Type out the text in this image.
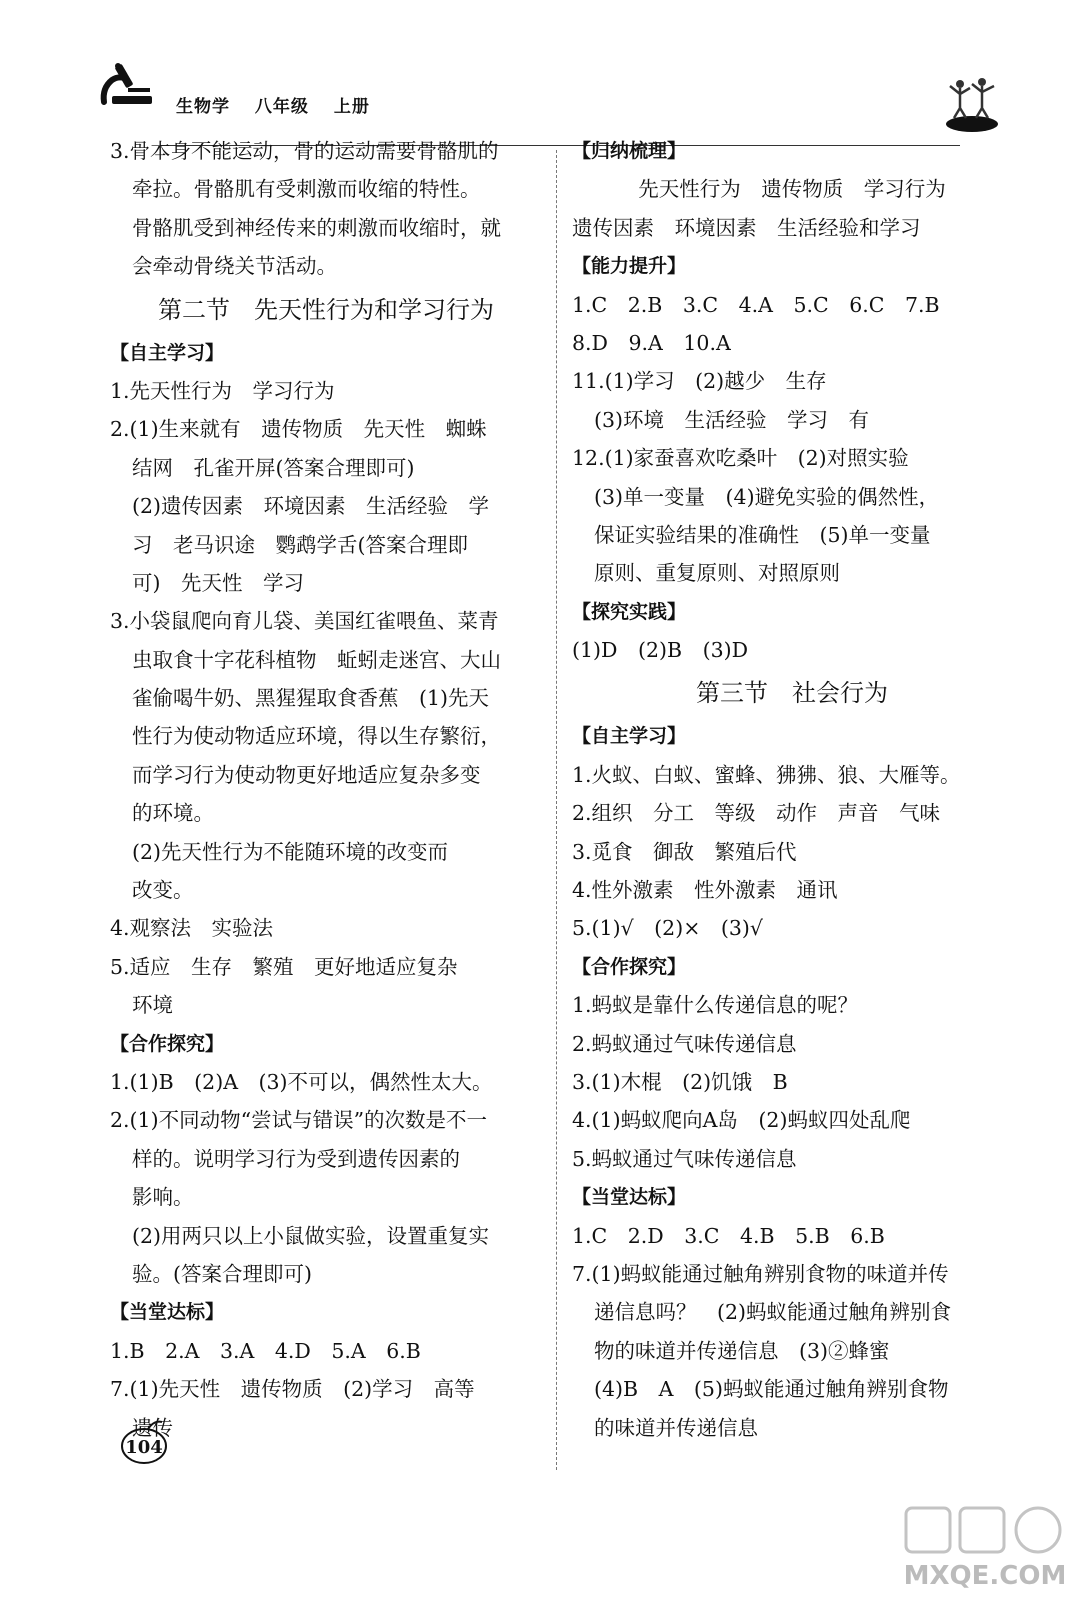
生物学 八年级 上册
3.骨本身不能运动，骨的运动需要骨骼肌的
牵拉。骨骼肌有受刺激而收缩的特性。
骨骼肌受到神经传来的刺激而收缩时，就
会牵动骨绕关节活动。
第二节　先天性行为和学习行为
【自主学习】
1.先天性行为　学习行为
2.(1)生来就有　遗传物质　先天性　蜘蛛
结网　孔雀开屏(答案合理即可)
(2)遗传因素　环境因素　生活经验　学
习　老马识途　鹦鹉学舌(答案合理即
可)　先天性　学习
3.小袋鼠爬向育儿袋、美国红雀喂鱼、菜青
虫取食十字花科植物　蚯蚓走迷宫、大山
雀偷喝牛奶、黑猩猩取食香蕉　(1)先天
性行为使动物适应环境，得以生存繁衍，
而学习行为使动物更好地适应复杂多变
的环境。
(2)先天性行为不能随环境的改变而
改变。
4.观察法　实验法
5.适应　生存　繁殖　更好地适应复杂
环境
【合作探究】
1.(1)B　(2)A　(3)不可以，偶然性太大。
2.(1)不同动物“尝试与错误”的次数是不一
样的。说明学习行为受到遗传因素的
影响。
(2)用两只以上小鼠做实验，设置重复实
验。(答案合理即可)
【当堂达标】
1.B　2.A　3.A　4.D　5.A　6.B
7.(1)先天性　遗传物质　(2)学习　高等
遗传
【归纳梳理】
先天性行为　遗传物质　学习行为
遗传因素　环境因素　生活经验和学习
【能力提升】
1.C　2.B　3.C　4.A　5.C　6.C　7.B
8.D　9.A　10.A
11.(1)学习　(2)越少　生存
(3)环境　生活经验　学习　有
12.(1)家蚕喜欢吃桑叶　(2)对照实验
(3)单一变量　(4)避免实验的偶然性，
保证实验结果的准确性　(5)单一变量
原则、重复原则、对照原则
【探究实践】
(1)D　(2)B　(3)D
第三节　社会行为
【自主学习】
1.火蚁、白蚁、蜜蜂、狒狒、狼、大雁等。
2.组织　分工　等级　动作　声音　气味
3.觅食　御敌　繁殖后代
4.性外激素　性外激素　通讯
5.(1)√　(2)×　(3)√
【合作探究】
1.蚂蚁是靠什么传递信息的呢？
2.蚂蚁通过气味传递信息
3.(1)木棍　(2)饥饿　B
4.(1)蚂蚁爬向A岛　(2)蚂蚁四处乱爬
5.蚂蚁通过气味传递信息
【当堂达标】
1.C　2.D　3.C　4.B　5.B　6.B
7.(1)蚂蚁能通过触角辨别食物的味道并传
递信息吗？　(2)蚂蚁能通过触角辨别食
物的味道并传递信息　(3)②蜂蜜
(4)B　A　(5)蚂蚁能通过触角辨别食物
的味道并传递信息
104
MXQE.COM
